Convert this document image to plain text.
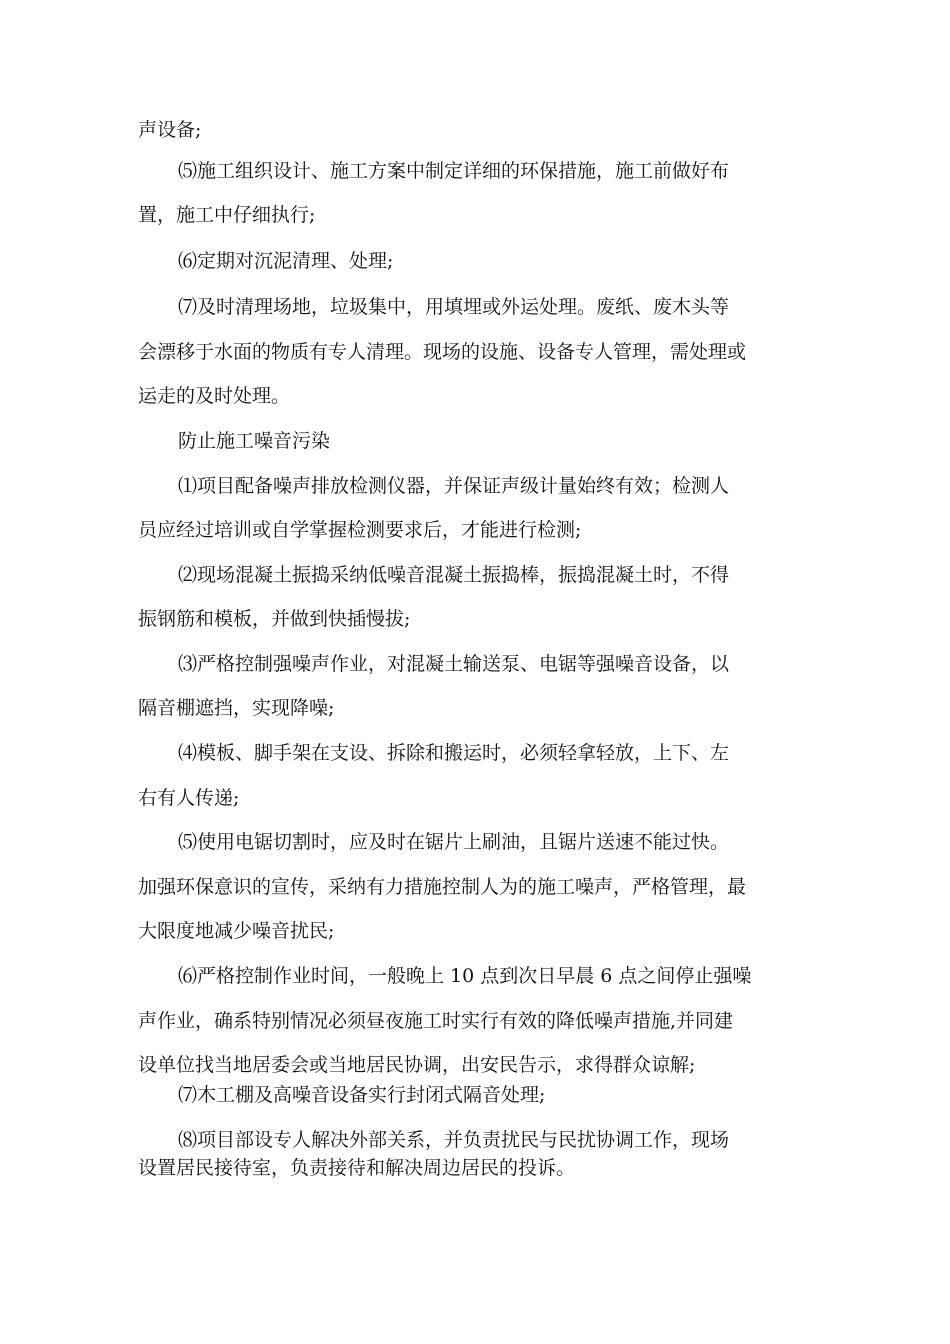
声设备;

⑸施工组织设计、施工方案中制定详细的环保措施，施工前做好布

置，施工中仔细执行;

⑹定期对沉泥清理、处理;

⑺及时清理场地，垃圾集中，用填埋或外运处理。废纸、废木头等

会漂移于水面的物质有专人清理。现场的设施、设备专人管理，需处理或

运走的及时处理。

防止施工噪音污染

⑴项目配备噪声排放检测仪器，并保证声级计量始终有效；检测人

员应经过培训或自学掌握检测要求后，才能进行检测;

⑵现场混凝土振捣采纳低噪音混凝土振捣棒，振捣混凝土时，不得

振钢筋和模板，并做到快插慢拔;

⑶严格控制强噪声作业，对混凝土输送泵、电锯等强噪音设备，以

隔音棚遮挡，实现降噪;

⑷模板、脚手架在支设、拆除和搬运时，必须轻拿轻放，上下、左

右有人传递;

⑸使用电锯切割时，应及时在锯片上刷油，且锯片送速不能过快。

加强环保意识的宣传，采纳有力措施控制人为的施工噪声，严格管理，最

大限度地减少噪音扰民;

⑹严格控制作业时间，一般晚上 10 点到次日早晨 6 点之间停止强噪

声作业，确系特别情况必须昼夜施工时实行有效的降低噪声措施,并同建

设单位找当地居委会或当地居民协调，出安民告示，求得群众谅解;

⑺木工棚及高噪音设备实行封闭式隔音处理;

⑻项目部设专人解决外部关系，并负责扰民与民扰协调工作，现场

设置居民接待室，负责接待和解决周边居民的投诉。
